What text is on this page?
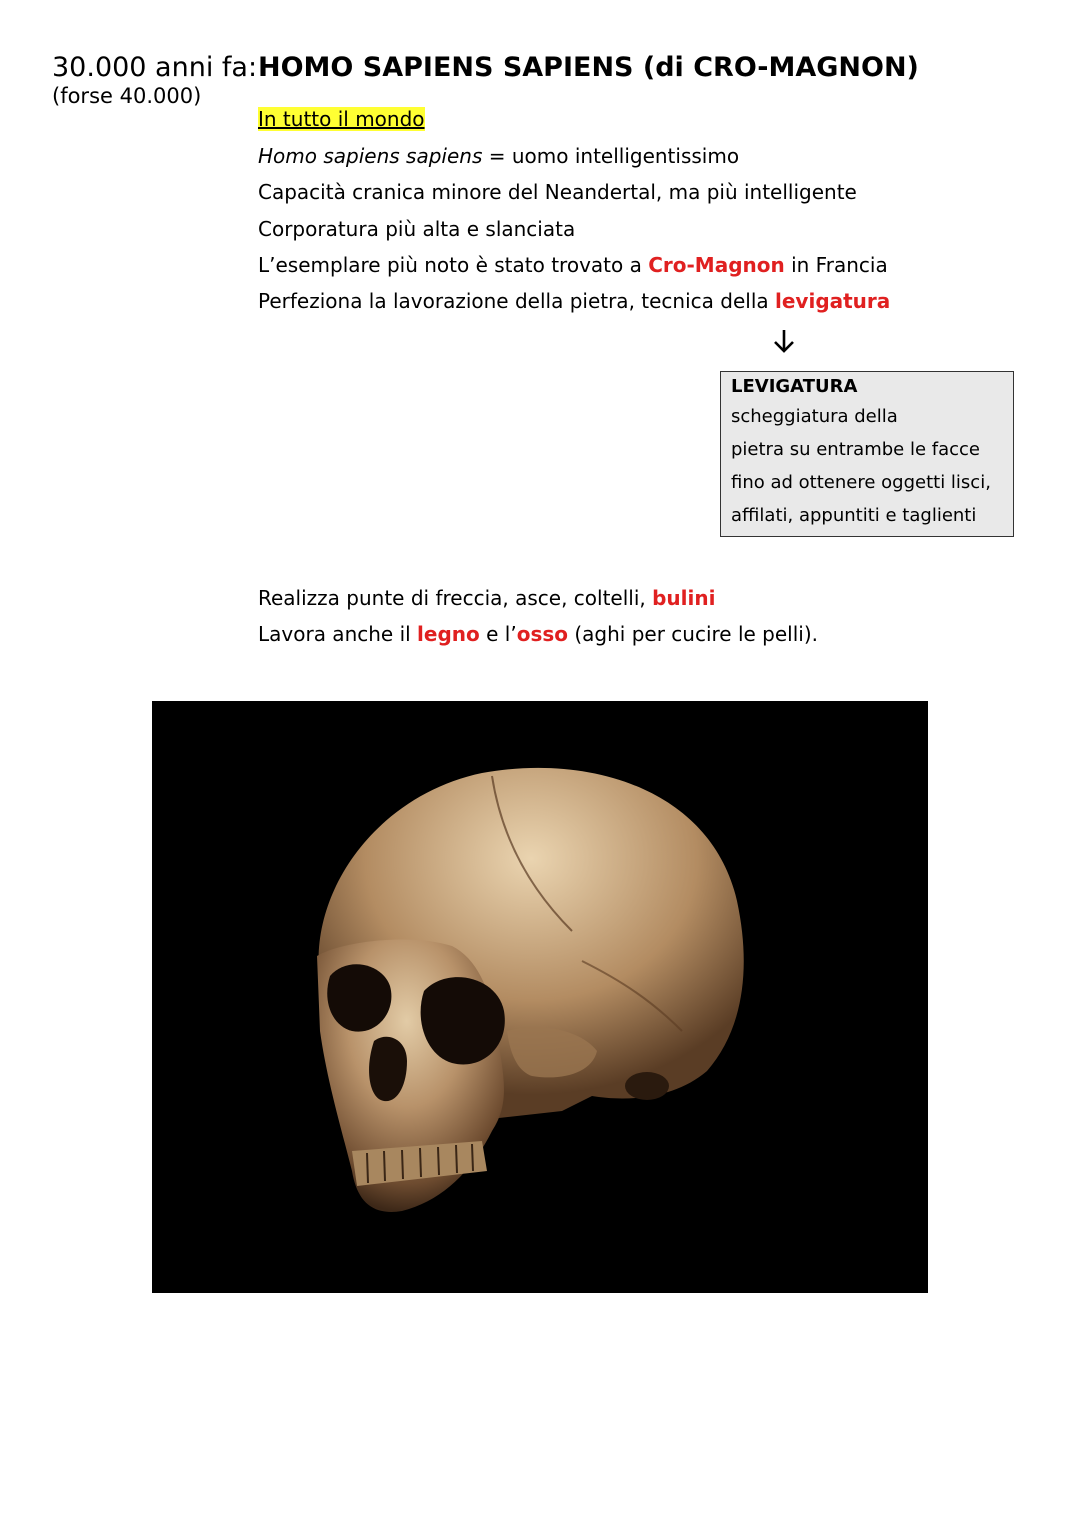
30.000 anni fa: HOMO SAPIENS SAPIENS (di CRO-MAGNON)
(forse 40.000)
In tutto il mondo
Homo sapiens sapiens = uomo intelligentissimo
Capacità cranica minore del Neandertal, ma più intelligente
Corporatura più alta e slanciata
L’esemplare più noto è stato trovato a Cro-Magnon in Francia
Perfeziona la lavorazione della pietra, tecnica della levigatura
LEVIGATURA
scheggiatura della
pietra su entrambe le facce
fino ad ottenere oggetti lisci,
affilati, appuntiti e taglienti
Realizza punte di freccia, asce, coltelli, bulini
Lavora anche il legno e l’osso (aghi per cucire le pelli).
